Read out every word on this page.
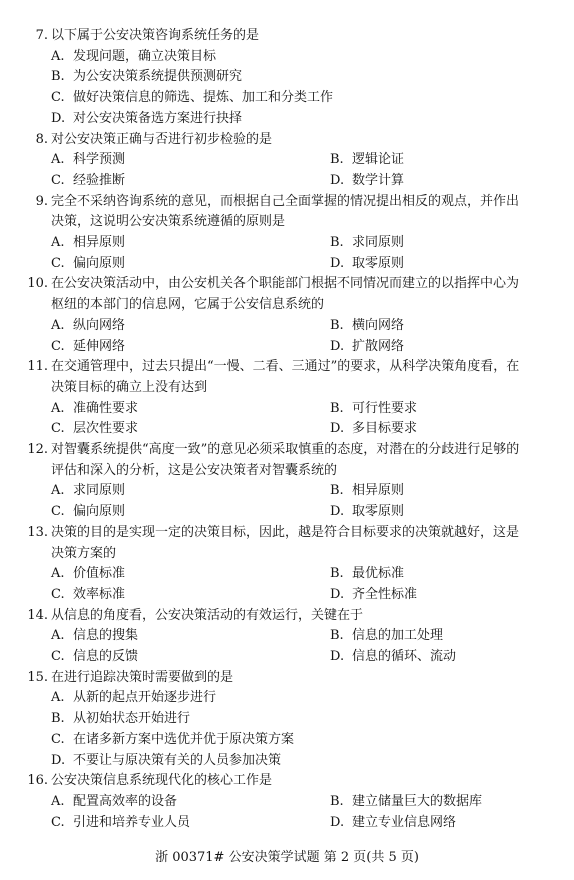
7. 以下属于公安决策咨询系统任务的是
A. 发现问题，确立决策目标
B. 为公安决策系统提供预测研究
C. 做好决策信息的筛选、提炼、加工和分类工作
D. 对公安决策备选方案进行抉择
8. 对公安决策正确与否进行初步检验的是
A. 科学预测	B. 逻辑论证
C. 经验推断	D. 数学计算
9. 完全不采纳咨询系统的意见，而根据自己全面掌握的情况提出相反的观点，并作出
决策，这说明公安决策系统遵循的原则是
A. 相异原则	B. 求同原则
C. 偏向原则	D. 取零原则
10. 在公安决策活动中，由公安机关各个职能部门根据不同情况而建立的以指挥中心为
枢纽的本部门的信息网，它属于公安信息系统的
A. 纵向网络	B. 横向网络
C. 延伸网络	D. 扩散网络
11. 在交通管理中，过去只提出“一慢、二看、三通过”的要求，从科学决策角度看，在
决策目标的确立上没有达到
A. 准确性要求	B. 可行性要求
C. 层次性要求	D. 多目标要求
12. 对智囊系统提供“高度一致”的意见必须采取慎重的态度，对潜在的分歧进行足够的
评估和深入的分析，这是公安决策者对智囊系统的
A. 求同原则	B. 相异原则
C. 偏向原则	D. 取零原则
13. 决策的目的是实现一定的决策目标，因此，越是符合目标要求的决策就越好，这是
决策方案的
A. 价值标准	B. 最优标准
C. 效率标准	D. 齐全性标准
14. 从信息的角度看，公安决策活动的有效运行，关键在于
A. 信息的搜集	B. 信息的加工处理
C. 信息的反馈	D. 信息的循环、流动
15. 在进行追踪决策时需要做到的是
A. 从新的起点开始逐步进行
B. 从初始状态开始进行
C. 在诸多新方案中选优并优于原决策方案
D. 不要让与原决策有关的人员参加决策
16. 公安决策信息系统现代化的核心工作是
A. 配置高效率的设备	B. 建立储量巨大的数据库
C. 引进和培养专业人员	D. 建立专业信息网络
浙 00371# 公安决策学试题 第 2 页(共 5 页)
